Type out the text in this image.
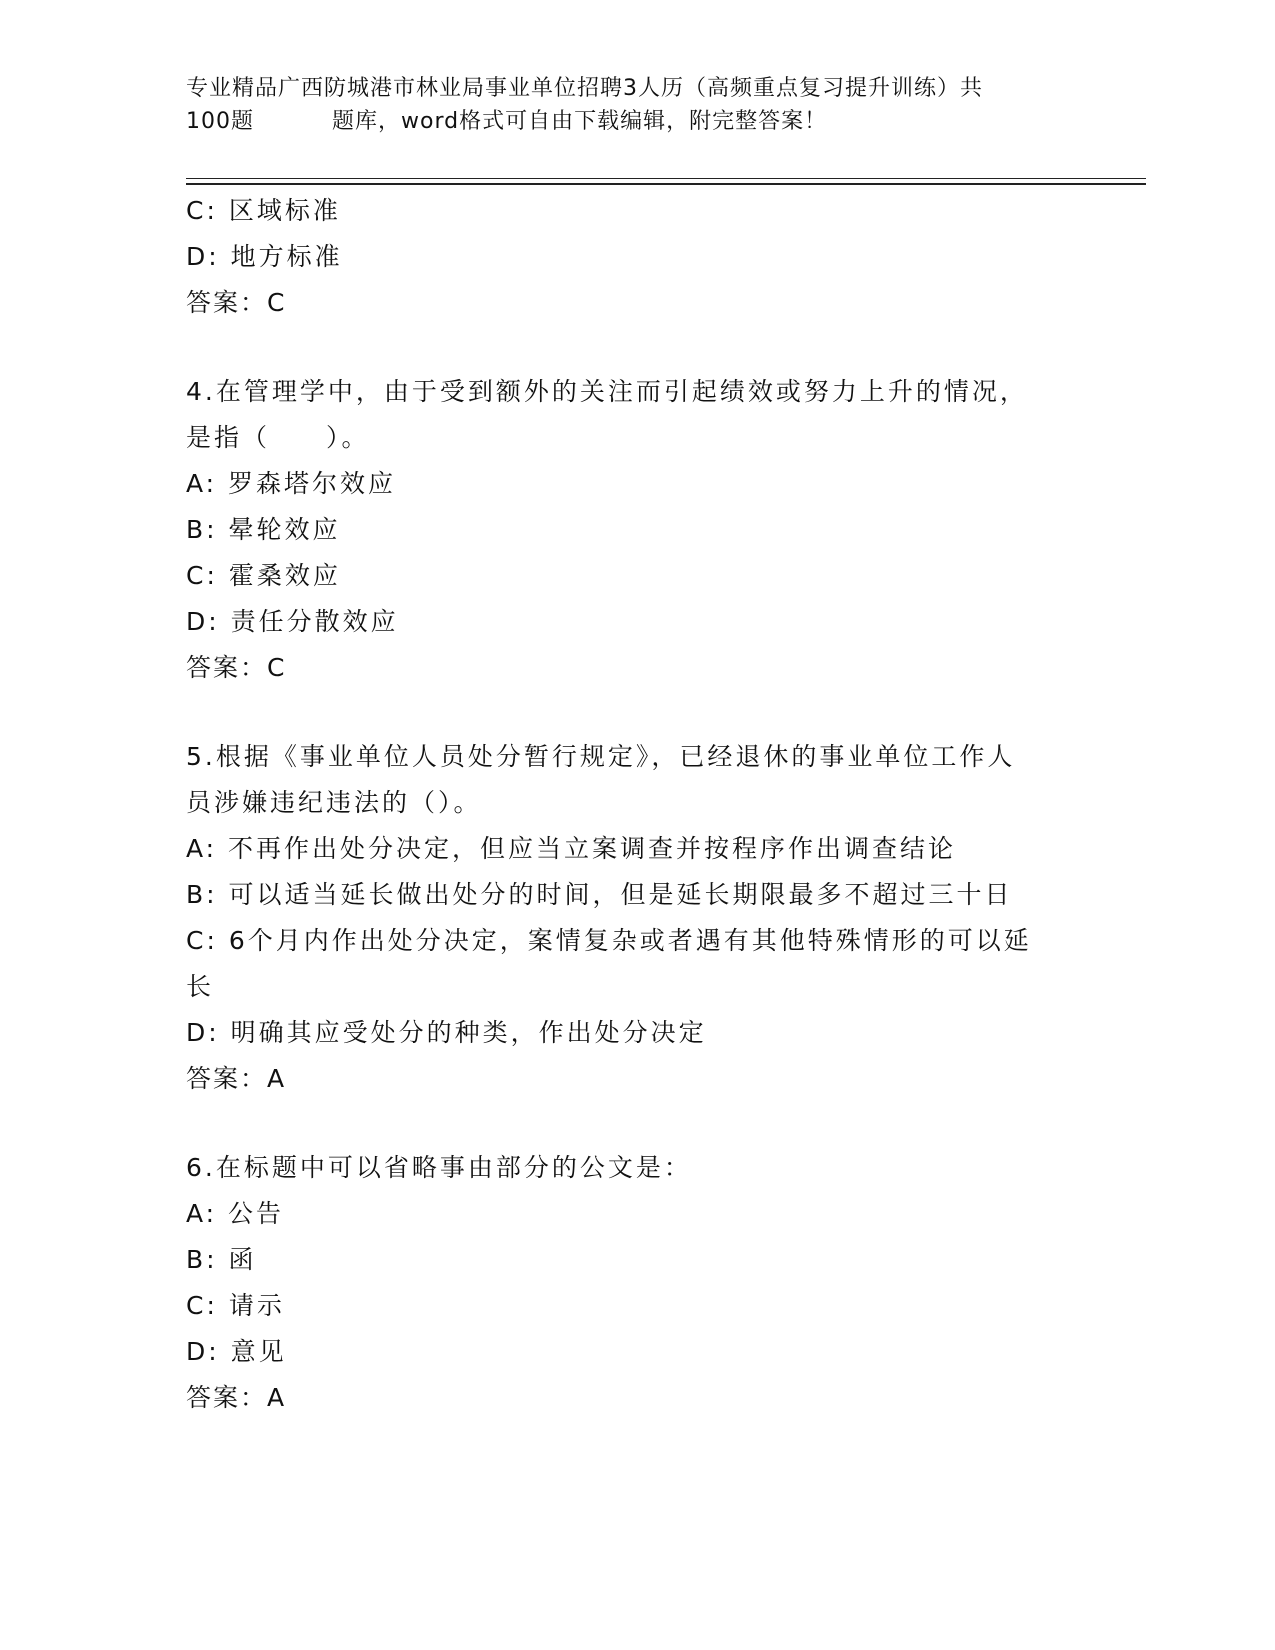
专业精品广西防城港市林业局事业单位招聘3人历（高频重点复习提升训练）共
100题	题库，word格式可自由下载编辑，附完整答案！
C: 区域标准
D: 地方标准
答案：C
4.在管理学中，由于受到额外的关注而引起绩效或努力上升的情况，
是指（　　）。
A: 罗森塔尔效应
B: 晕轮效应
C: 霍桑效应
D: 责任分散效应
答案：C
5.根据《事业单位人员处分暂行规定》，已经退休的事业单位工作人
员涉嫌违纪违法的（）。
A: 不再作出处分决定，但应当立案调查并按程序作出调查结论
B: 可以适当延长做出处分的时间，但是延长期限最多不超过三十日
C: 6个月内作出处分决定，案情复杂或者遇有其他特殊情形的可以延
长
D: 明确其应受处分的种类，作出处分决定
答案：A
6.在标题中可以省略事由部分的公文是：
A: 公告
B: 函
C: 请示
D: 意见
答案：A
